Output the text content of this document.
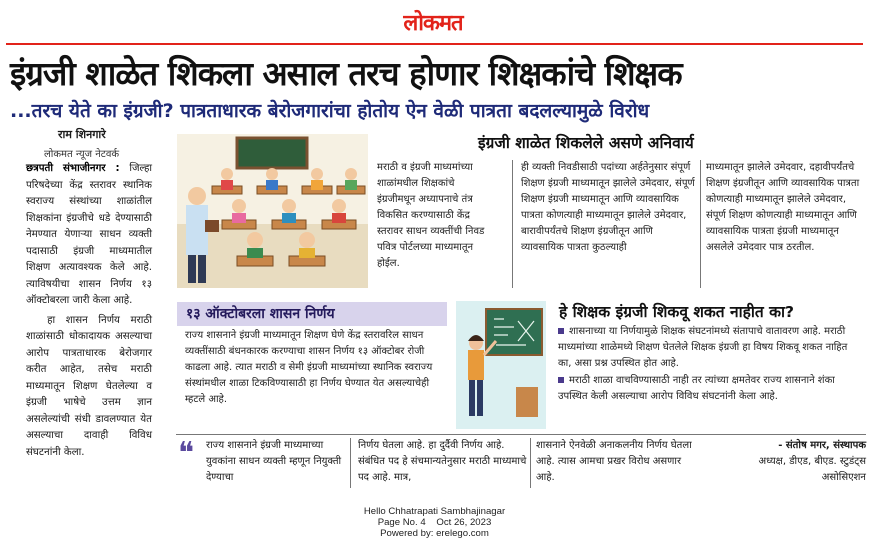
लोकमत
इंग्रजी शाळेत शिकला असाल तरच होणार शिक्षकांचे शिक्षक
...तरच येते का इंग्रजी? पात्रताधारक बेरोजगारांचा होतोय ऐन वेळी पात्रता बदलल्यामुळे विरोध
राम शिनगारे
लोकमत न्यूज नेटवर्क

छत्रपती संभाजीनगर : जिल्हा परिषदेच्या केंद्र स्तरावर स्थानिक स्वराज्य संस्थांच्या शाळांतील शिक्षकांना इंग्रजीचे धडे देण्यासाठी नेमण्यात येणाऱ्या साधन व्यक्ती पदासाठी इंग्रजी माध्यमातील शिक्षण अत्यावश्यक केले आहे. त्याविषयीचा शासन निर्णय १३ ऑक्टोबरला जारी केला आहे.

हा शासन निर्णय मराठी शाळांसाठी धोकादायक असल्याचा आरोप पात्रताधारक बेरोजगार करीत आहेत, तसेच मराठी माध्यमातून शिक्षण घेतलेल्या व इंग्रजी भाषेचे उत्तम ज्ञान असलेल्यांची संधी डावलण्यात येत असल्याचा दावाही विविध संघटनांनी केला.

इंग्रजी शाळेत शिकलेले असणे अनिवार्य
मराठी व इंग्रजी माध्यमांच्या शाळांमधील शिक्षकांचे इंग्रजीमधून अध्यापनाचे तंत्र विकसित करण्यासाठी केंद्र स्तरावर साधन व्यक्तींची निवड पवित्र पोर्टलच्या माध्यमातून होईल.
ही व्यक्ती निवडीसाठी पदांच्या अर्हतेनुसार संपूर्ण शिक्षण इंग्रजी माध्यमातून झालेले उमेदवार, संपूर्ण शिक्षण इंग्रजी माध्यमातून आणि व्यावसायिक पात्रता कोणत्याही माध्यमातून झालेले उमेदवार, बारावीपर्यंतचे शिक्षण इंग्रजीतून आणि व्यावसायिक पात्रता कुठल्याही
माध्यमातून झालेले उमेदवार, दहावीपर्यंतचे शिक्षण इंग्रजीतून आणि व्यावसायिक पात्रता कोणत्याही माध्यमातून झालेले उमेदवार, संपूर्ण शिक्षण कोणत्याही माध्यमातून आणि व्यावसायिक पात्रता इंग्रजी माध्यमातून असलेले उमेदवार पात्र ठरतील.
१३ ऑक्टोबरला शासन निर्णय
राज्य शासनाने इंग्रजी माध्यमातून शिक्षण घेणे केंद्र स्तरावरिल साधन व्यक्तींसाठी बंधनकारक करण्याचा शासन निर्णय १३ ऑक्टोबर रोजी काढला आहे. त्यात मराठी व सेमी इंग्रजी माध्यमांच्या स्थानिक स्वराज्य संस्थांमधील शाळा टिकविण्यासाठी हा निर्णय घेण्यात येत असल्याचेही म्हटले आहे.
हे शिक्षक इंग्रजी शिकवू शकत नाहीत का?
शासनाच्या या निर्णयामुळे शिक्षक संघटनांमध्ये संतापाचे वातावरण आहे. मराठी माध्यमांच्या शाळेमध्ये शिक्षण घेतलेले शिक्षक इंग्रजी हा विषय शिकवू शकत नाहित का, असा प्रश्न उपस्थित होत आहे.
मराठी शाळा वाचविण्यासाठी नाही तर त्यांच्या क्षमतेवर राज्य शासनाने शंका उपस्थित केली असल्याचा आरोप विविध संघटनांनी केला आहे.
❝ राज्य शासनाने इंग्रजी माध्यमाच्या युवकांना साधन व्यक्ती म्हणून नियुक्ती देण्याचा
निर्णय घेतला आहे. हा दुर्दैवी निर्णय आहे. संबंधित पद हे संचमान्यतेनुसार मराठी माध्यमाचे पद आहे. मात्र,
शासनाने ऐनवेळी अनाकलनीय निर्णय घेतला आहे. त्यास आमचा प्रखर विरोध असणार आहे.
- संतोष मगर, संस्थापक
अध्यक्ष, डीएड, बीएड. स्टुडंट्स असोसिएशन
Hello Chhatrapati Sambhajinagar
Page No. 4    Oct 26, 2023
Powered by: erelego.com
